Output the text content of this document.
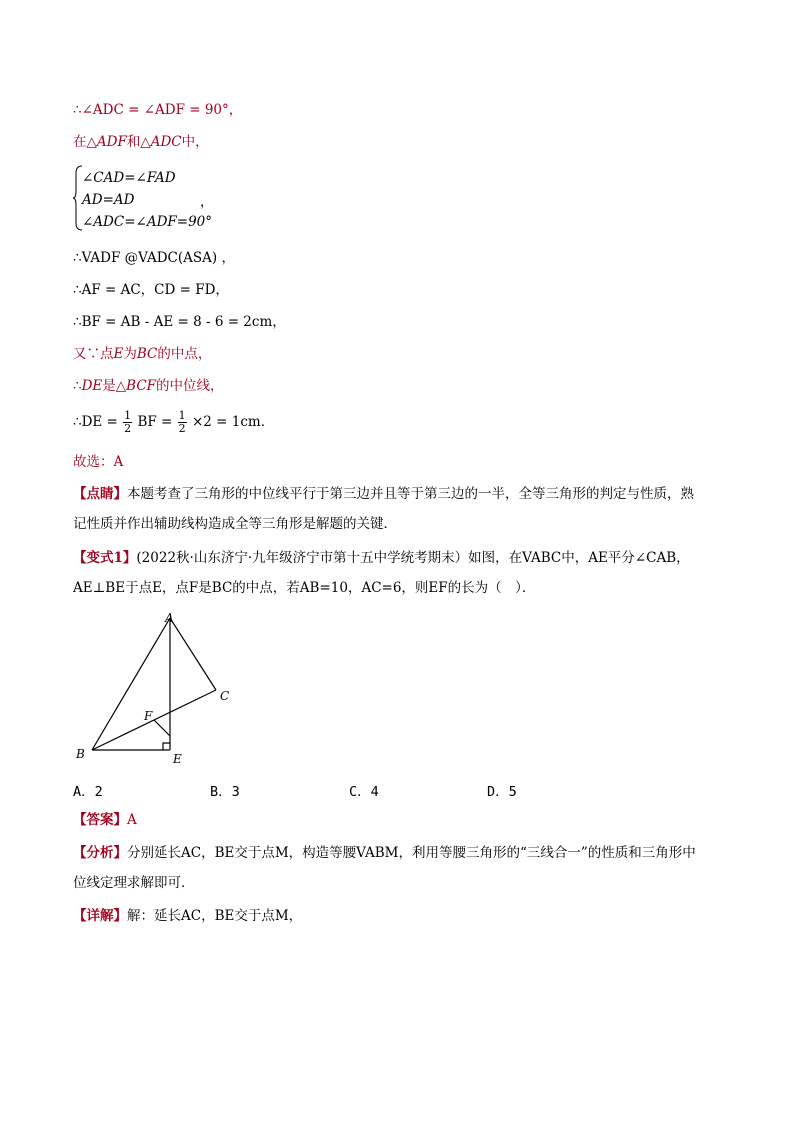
∴∠ADC = ∠ADF = 90°，
在△ADF和△ADC中，
∠CAD=∠FAD
AD=AD	，
∠ADC=∠ADF=90°
∴VADF @VADC(ASA) ，
∴AF = AC，CD = FD，
∴BF = AB - AE = 8 - 6 = 2cm，
又∵点E为BC的中点，
∴DE是△BCF的中位线，
∴DE = $\frac{1}{2}$ BF = $\frac{1}{2} \times 2 = 1cm$．
故选：A
【点睛】本题考查了三角形的中位线平行于第三边并且等于第三边的一半，全等三角形的判定与性质，熟
记性质并作出辅助线构造成全等三角形是解题的关键．
【变式1】(2022秋·山东济宁·九年级济宁市第十五中学统考期末）如图，在VABC中，AE平分∠CAB，
AE⊥BE于点E，点F是BC的中点，若AB=10，AC=6，则EF的长为（　）．
A
B
C
E
F
A．2	B．3	C．4	D．5
【答案】A
【分析】分别延长AC，BE交于点M，构造等腰VABM，利用等腰三角形的“三线合一”的性质和三角形中
位线定理求解即可．
【详解】解：延长AC，BE交于点M，
